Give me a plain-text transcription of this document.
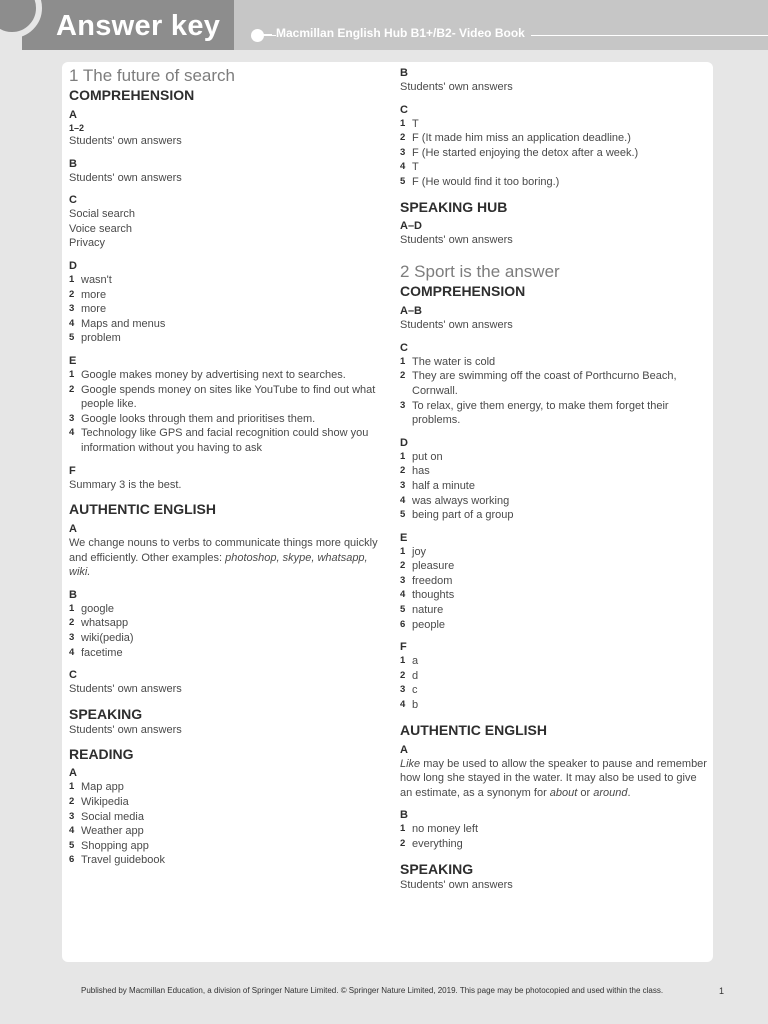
Answer key	Macmillan English Hub B1+/B2- Video Book
1 The future of search
COMPREHENSION
A
1–2
Students' own answers
B
Students' own answers
C
Social search
Voice search
Privacy
D
1 wasn't
2 more
3 more
4 Maps and menus
5 problem
E
1 Google makes money by advertising next to searches.
2 Google spends money on sites like YouTube to find out what people like.
3 Google looks through them and prioritises them.
4 Technology like GPS and facial recognition could show you information without you having to ask
F
Summary 3 is the best.
AUTHENTIC ENGLISH
A
We change nouns to verbs to communicate things more quickly and efficiently. Other examples: photoshop, skype, whatsapp, wiki.
B
1 google
2 whatsapp
3 wiki(pedia)
4 facetime
C
Students' own answers
SPEAKING
Students' own answers
READING
A
1 Map app
2 Wikipedia
3 Social media
4 Weather app
5 Shopping app
6 Travel guidebook
B
Students' own answers
C
1 T
2 F (It made him miss an application deadline.)
3 F (He started enjoying the detox after a week.)
4 T
5 F (He would find it too boring.)
SPEAKING HUB
A–D
Students' own answers
2 Sport is the answer
COMPREHENSION
A–B
Students' own answers
C
1 The water is cold
2 They are swimming off the coast of Porthcurno Beach, Cornwall.
3 To relax, give them energy, to make them forget their problems.
D
1 put on
2 has
3 half a minute
4 was always working
5 being part of a group
E
1 joy
2 pleasure
3 freedom
4 thoughts
5 nature
6 people
F
1 a
2 d
3 c
4 b
AUTHENTIC ENGLISH
A
Like may be used to allow the speaker to pause and remember how long she stayed in the water. It may also be used to give an estimate, as a synonym for about or around.
B
1 no money left
2 everything
SPEAKING
Students' own answers
Published by Macmillan Education, a division of Springer Nature Limited. © Springer Nature Limited, 2019. This page may be photocopied and used within the class.	1
